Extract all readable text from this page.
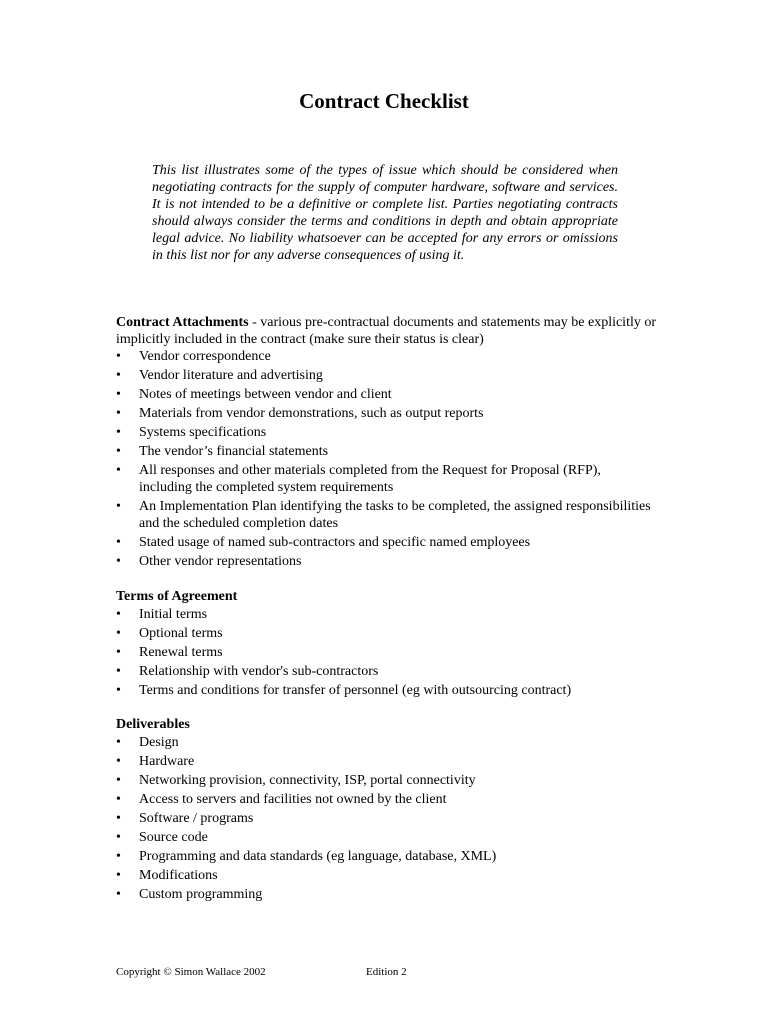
Contract Checklist
This list illustrates some of the types of issue which should be considered when negotiating contracts for the supply of computer hardware, software and services. It is not intended to be a definitive or complete list. Parties negotiating contracts should always consider the terms and conditions in depth and obtain appropriate legal advice. No liability whatsoever can be accepted for any errors or omissions in this list nor for any adverse consequences of using it.
Contract Attachments - various pre-contractual documents and statements may be explicitly or implicitly included in the contract (make sure their status is clear)
•	Vendor correspondence
•	Vendor literature and advertising
•	Notes of meetings between vendor and client
•	Materials from vendor demonstrations, such as output reports
•	Systems specifications
•	The vendor’s financial statements
•	All responses and other materials completed from the Request for Proposal (RFP), including the completed system requirements
•	An Implementation Plan identifying the tasks to be completed, the assigned responsibilities and the scheduled completion dates
•	Stated usage of named sub-contractors and specific named employees
•	Other vendor representations
Terms of Agreement
•	Initial terms
•	Optional terms
•	Renewal terms
•	Relationship with vendor's sub-contractors
•	Terms and conditions for transfer of personnel (eg with outsourcing contract)
Deliverables
•	Design
•	Hardware
•	Networking provision, connectivity, ISP, portal connectivity
•	Access to servers and facilities not owned by the client
•	Software / programs
•	Source code
•	Programming and data standards (eg language, database, XML)
•	Modifications
•	Custom programming
Copyright © Simon Wallace 2002	Edition 2
